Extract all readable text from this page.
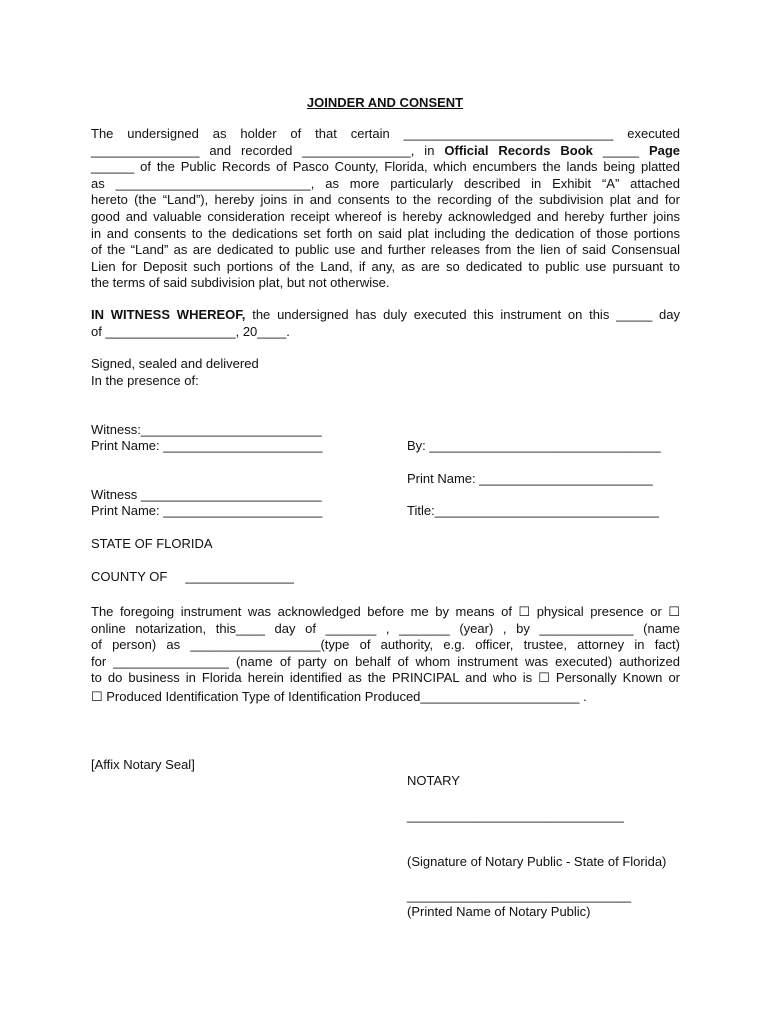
JOINDER AND CONSENT
The undersigned as holder of that certain _____________________________ executed
_______________ and recorded _______________, in Official Records Book _____ Page
______ of the Public Records of Pasco County, Florida, which encumbers the lands being platted
as ___________________________, as more particularly described in Exhibit “A” attached
hereto (the “Land”), hereby joins in and consents to the recording of the subdivision plat and for
good and valuable consideration receipt whereof is hereby acknowledged and hereby further joins
in and consents to the dedications set forth on said plat including the dedication of those portions
of the “Land” as are dedicated to public use and further releases from the lien of said Consensual
Lien for Deposit such portions of the Land, if any, as are so dedicated to public use pursuant to
the terms of said subdivision plat, but not otherwise.
IN WITNESS WHEREOF, the undersigned has duly executed this instrument on this _____ day
of __________________, 20____.
Signed, sealed and delivered
In the presence of:
Witness:_________________________
Print Name: ______________________	By: ________________________________
Print Name: ________________________
Witness _________________________
Print Name: ______________________	Title:_______________________________
STATE OF FLORIDA
COUNTY OF     _______________
The foregoing instrument was acknowledged before me by means of ☐ physical presence or ☐
online notarization, this____ day of _______ , _______ (year) , by _____________ (name
of person) as __________________(type of authority, e.g. officer, trustee, attorney in fact)
for ________________ (name of party on behalf of whom instrument was executed) authorized
to do business in Florida herein identified as the PRINCIPAL and who is ☐ Personally Known or
☐ Produced Identification Type of Identification Produced______________________ .
[Affix Notary Seal]
NOTARY
______________________________
(Signature of Notary Public - State of Florida)
_______________________________
(Printed Name of Notary Public)
